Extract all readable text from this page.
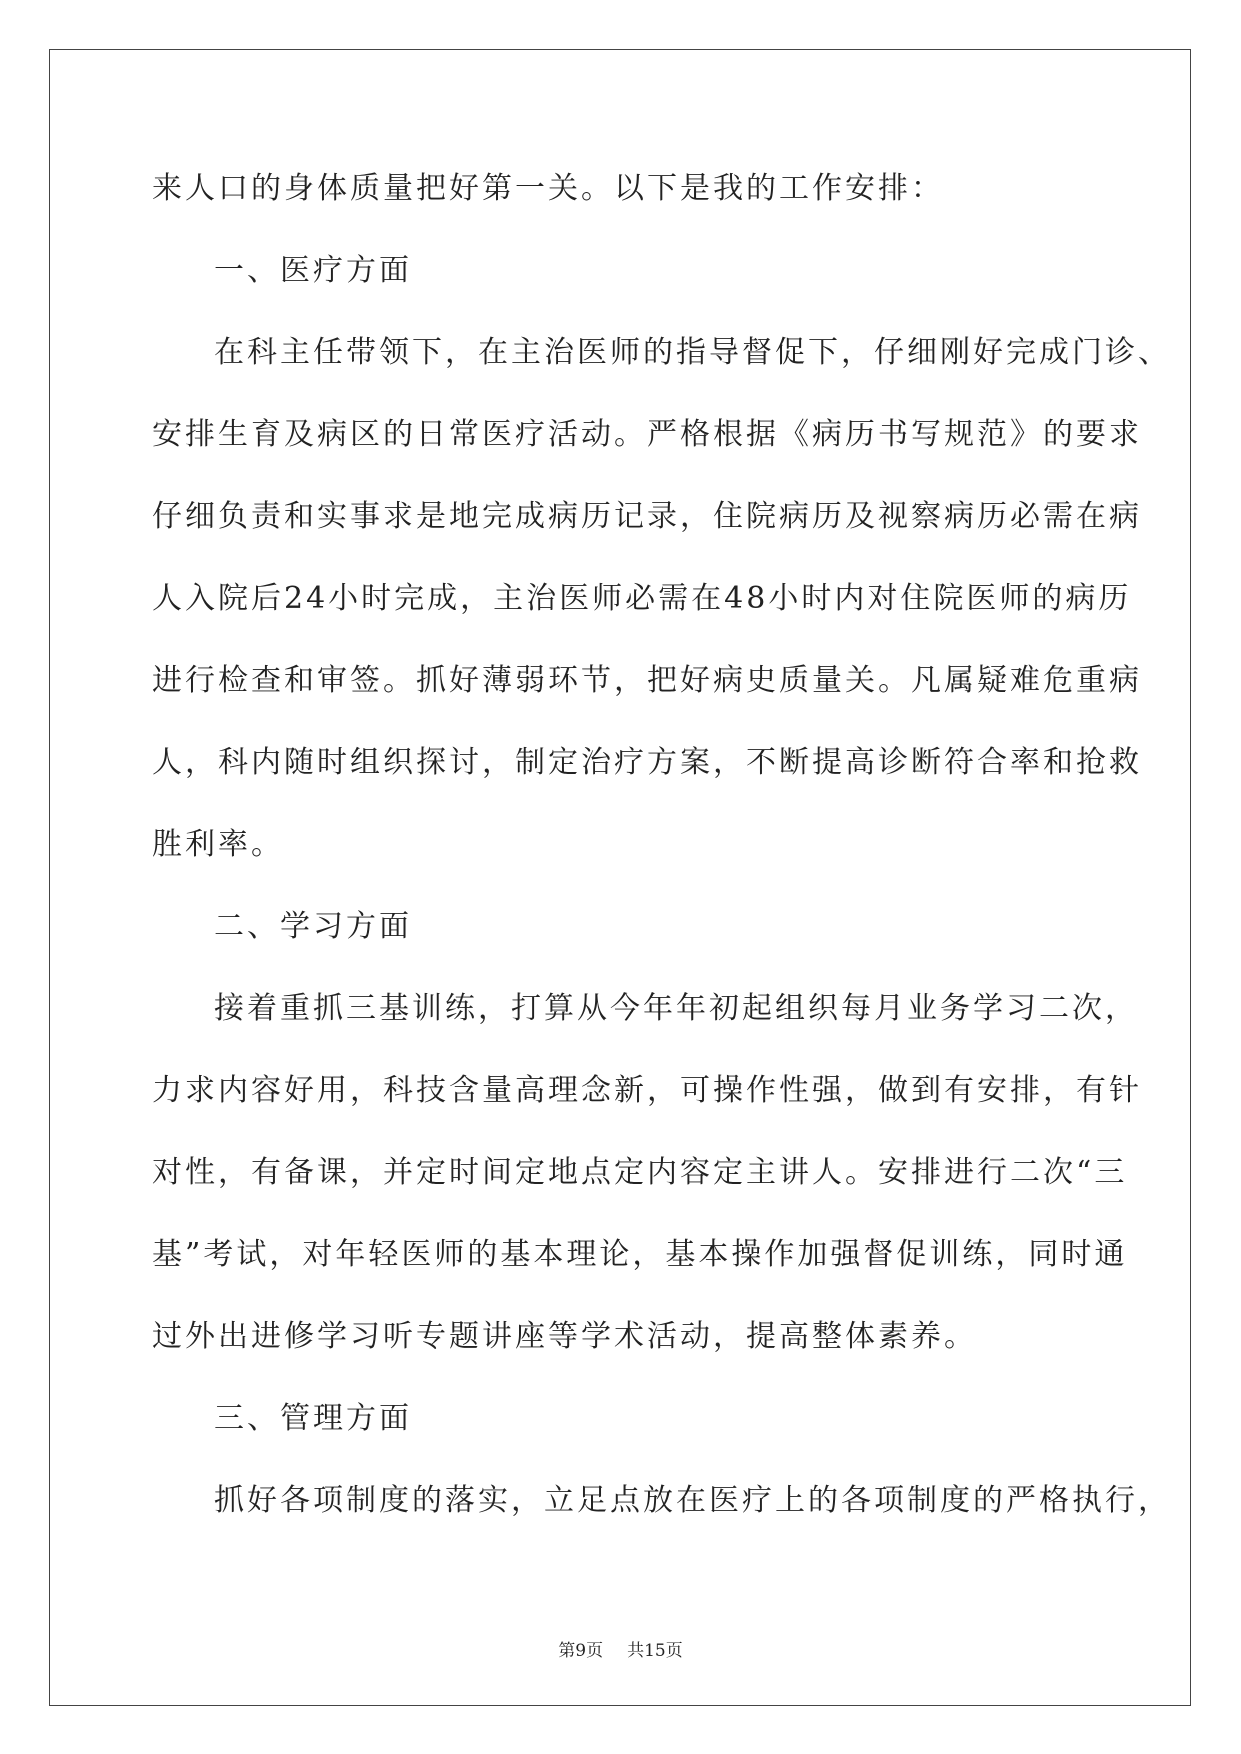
来人口的身体质量把好第一关。以下是我的工作安排：
一、医疗方面
在科主任带领下，在主治医师的指导督促下，仔细刚好完成门诊、
安排生育及病区的日常医疗活动。严格根据《病历书写规范》的要求
仔细负责和实事求是地完成病历记录，住院病历及视察病历必需在病
人入院后24小时完成，主治医师必需在48小时内对住院医师的病历
进行检查和审签。抓好薄弱环节，把好病史质量关。凡属疑难危重病
人，科内随时组织探讨，制定治疗方案，不断提高诊断符合率和抢救
胜利率。
二、学习方面
接着重抓三基训练，打算从今年年初起组织每月业务学习二次，
力求内容好用，科技含量高理念新，可操作性强，做到有安排，有针
对性，有备课，并定时间定地点定内容定主讲人。安排进行二次“三
基”考试，对年轻医师的基本理论，基本操作加强督促训练，同时通
过外出进修学习听专题讲座等学术活动，提高整体素养。
三、管理方面
抓好各项制度的落实，立足点放在医疗上的各项制度的严格执行，
第9页 共15页
